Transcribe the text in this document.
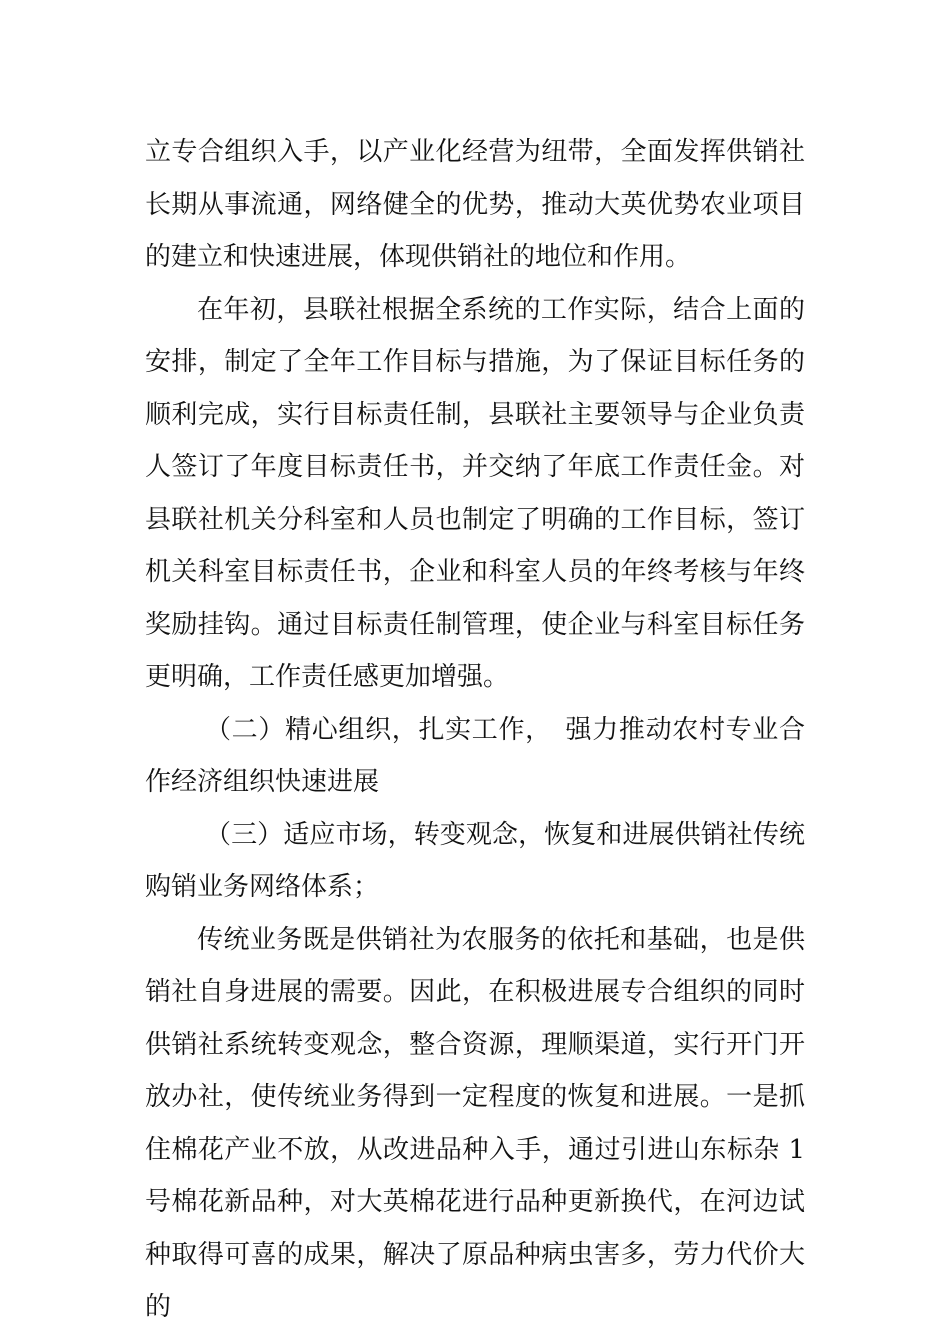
立专合组织入手，以产业化经营为纽带，全面发挥供销社长期从事流通，网络健全的优势，推动大英优势农业项目的建立和快速进展，体现供销社的地位和作用。

在年初，县联社根据全系统的工作实际，结合上面的安排，制定了全年工作目标与措施，为了保证目标任务的顺利完成，实行目标责任制，县联社主要领导与企业负责人签订了年度目标责任书，并交纳了年底工作责任金。对县联社机关分科室和人员也制定了明确的工作目标，签订机关科室目标责任书，企业和科室人员的年终考核与年终奖励挂钩。通过目标责任制管理，使企业与科室目标任务更明确，工作责任感更加增强。

（二）精心组织，扎实工作，　强力推动农村专业合作经济组织快速进展

（三）适应市场，转变观念，恢复和进展供销社传统购销业务网络体系；

传统业务既是供销社为农服务的依托和基础，也是供销社自身进展的需要。因此，在积极进展专合组织的同时供销社系统转变观念，整合资源，理顺渠道，实行开门开放办社，使传统业务得到一定程度的恢复和进展。一是抓住棉花产业不放，从改进品种入手，通过引进山东标杂 1 号棉花新品种，对大英棉花进行品种更新换代，在河边试种取得可喜的成果，解决了原品种病虫害多，劳力代价大的
